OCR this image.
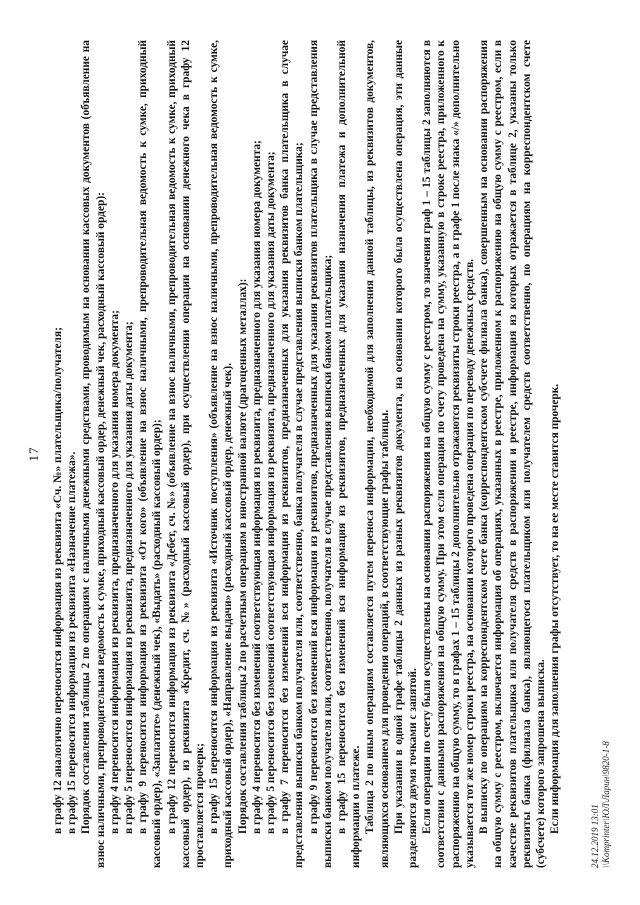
17 в графу 12 аналогично переносится информация из реквизита «Сч. №» плательщика/получателя; в графу 15 переносится информация из реквизита «Назначение платежа». Порядок составления таблицы 2 по операциям с наличными денежными средствами, проводимым на основании кассовых документов (объявление на взнос наличными, препроводительная ведомость к сумке, приходный кассовый ордер, денежный чек, расходный кассовый ордер): в графу 4 переносится информация из реквизита, предназначенного для указания номера документа; в графу 5 переносится информация из реквизита, предназначенного для указания даты документа; в графу 9 переносится информация из реквизита «От кого» (объявление на взнос наличными, препроводительная ведомость к сумке, приходный кассовый ордер), «Заплатите» (денежный чек), «Выдать» (расходный кассовый ордер); в графу 12 переносится информация из реквизита «Дебет, сч. №» (объявление на взнос наличными, препроводительная ведомость к сумке, приходный кассовый ордер), из реквизита «Кредит, сч. №» (расходный кассовый ордер), при осуществлении операции на основании денежного чека в графу 12 проставляется прочерк; в графу 15 переносится информация из реквизита «Источник поступления» (объявление на взнос наличными, препроводительная ведомость к сумке, приходный кассовый ордер), «Направление выдачи» (расходный кассовый ордер, денежный чек). Порядок составления таблицы 2 по расчетным операциям в иностранной валюте (драгоценных металлах): в графу 4 переносится без изменений соответствующая информация из реквизита, предназначенного для указания номера документа; в графу 5 переносится без изменений соответствующая информация из реквизита, предназначенного для указания даты документа; в графу 7 переносится без изменений вся информация из реквизитов, предназначенных для указания реквизитов банка плательщика в случае представления выписки банком получателя или, соответственно, банка получателя в случае представления выписки банком плательщика; в графу 9 переносится без изменений вся информация из реквизитов, предназначенных для указания реквизитов плательщика в случае представления выписки банком получателя или, соответственно, получателя в случае представления выписки банком плательщика; в графу 15 переносится без изменений вся информация из реквизитов, предназначенных для указания назначения платежа и дополнительной информации о платеже. Таблица 2 по иным операциям составляется путем переноса информации, необходимой для заполнения данной таблицы, из реквизитов документов, являющихся основанием для проведения операций, в соответствующие графы таблицы. При указании в одной графе таблицы 2 данных из разных реквизитов документа, на основании которого была осуществлена операция, эти данные разделяются двумя точками с запятой. Если операции по счету были осуществлены на основании распоряжения на общую сумму с реестром, то значения граф 1 – 15 таблицы 2 заполняются в соответствии с данными распоряжения на общую сумму. При этом если операция по счету проведена на сумму, указанную в строке реестра, приложенного к распоряжению на общую сумму, то в графах 1 – 15 таблицы 2 дополнительно отражаются реквизиты строки реестра, а в графе 1 после знака «/» дополнительно указывается тот же номер строки реестра, на основании которого проведена операция по переводу денежных средств. В выписку по операциям на корреспондентском счете банка (корреспондентском субсчете филиала банка), совершенным на основании распоряжения на общую сумму с реестром, включается информация об операциях, указанных в реестре, приложенном к распоряжению на общую сумму с реестром, если в качестве реквизитов плательщика или получателя средств в распоряжении и реестре, информация из которых отражается в таблице 2, указаны только реквизиты банка (филиала банка), являющегося плательщиком или получателем средств соответственно, по операциям на корреспондентском счете (субсчете) которого запрошена выписка. Если информация для заполнения графы отсутствует, то на ее месте ставится прочерк.

24.12.2019 13:01 \\Komprinter\ЮЛ\Ларин\9820-1-8
